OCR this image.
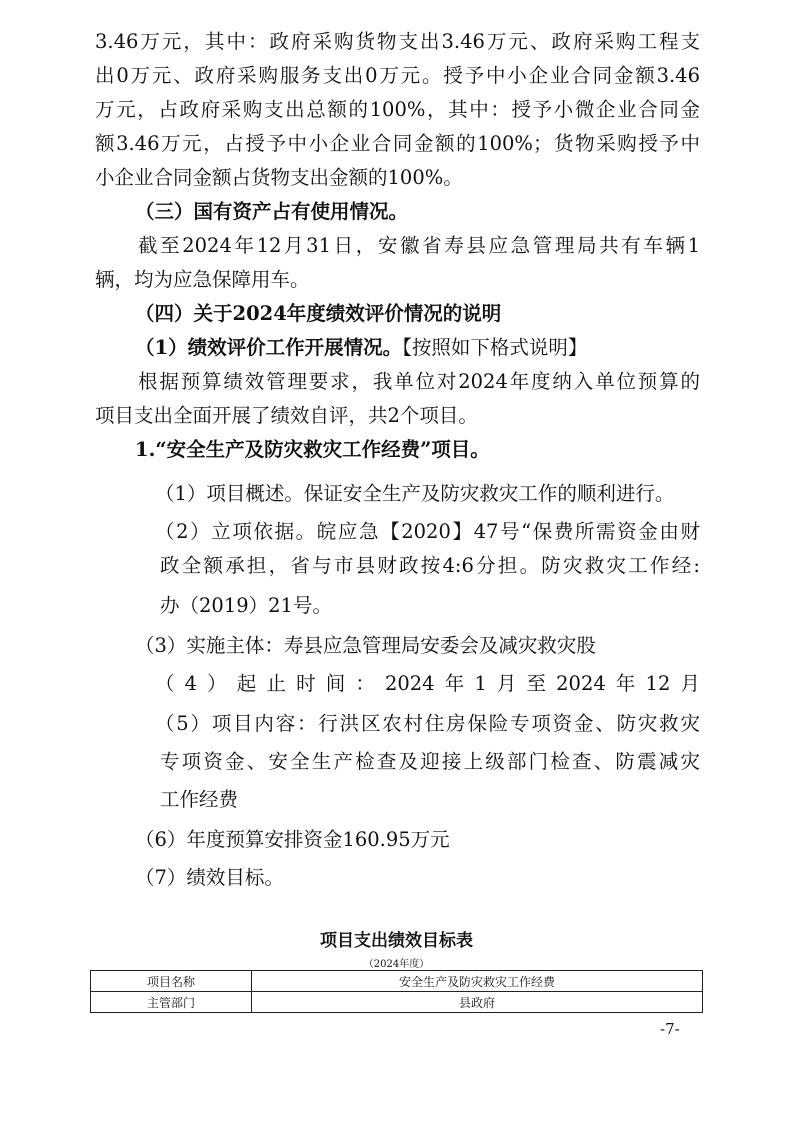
3.46万元，其中：政府采购货物支出3.46万元、政府采购工程支
出0万元、政府采购服务支出0万元。授予中小企业合同金额3.46
万元，占政府采购支出总额的100%，其中：授予小微企业合同金
额3.46万元，占授予中小企业合同金额的100%；货物采购授予中
小企业合同金额占货物支出金额的100%。
（三）国有资产占有使用情况。
截至2024年12月31日，安徽省寿县应急管理局共有车辆1
辆，均为应急保障用车。
（四）关于2024年度绩效评价情况的说明
（1）绩效评价工作开展情况。【按照如下格式说明】
根据预算绩效管理要求，我单位对2024年度纳入单位预算的
项目支出全面开展了绩效自评，共2个项目。
1.“安全生产及防灾救灾工作经费”项目。
（1）项目概述。保证安全生产及防灾救灾工作的顺利进行。
（2）立项依据。皖应急【2020】47号“保费所需资金由财
政全额承担，省与市县财政按4:6分担。防灾救灾工作经:
办（2019）21号。
（3）实施主体：寿县应急管理局安委会及减灾救灾股
（4）起止时间：2024年1月至2024年12月
（5）项目内容：行洪区农村住房保险专项资金、防灾救灾
专项资金、安全生产检查及迎接上级部门检查、防震减灾
工作经费
（6）年度预算安排资金160.95万元
（7）绩效目标。
项目支出绩效目标表
（2024年度）
项目名称	安全生产及防灾救灾工作经费
主管部门	县政府
-7-
